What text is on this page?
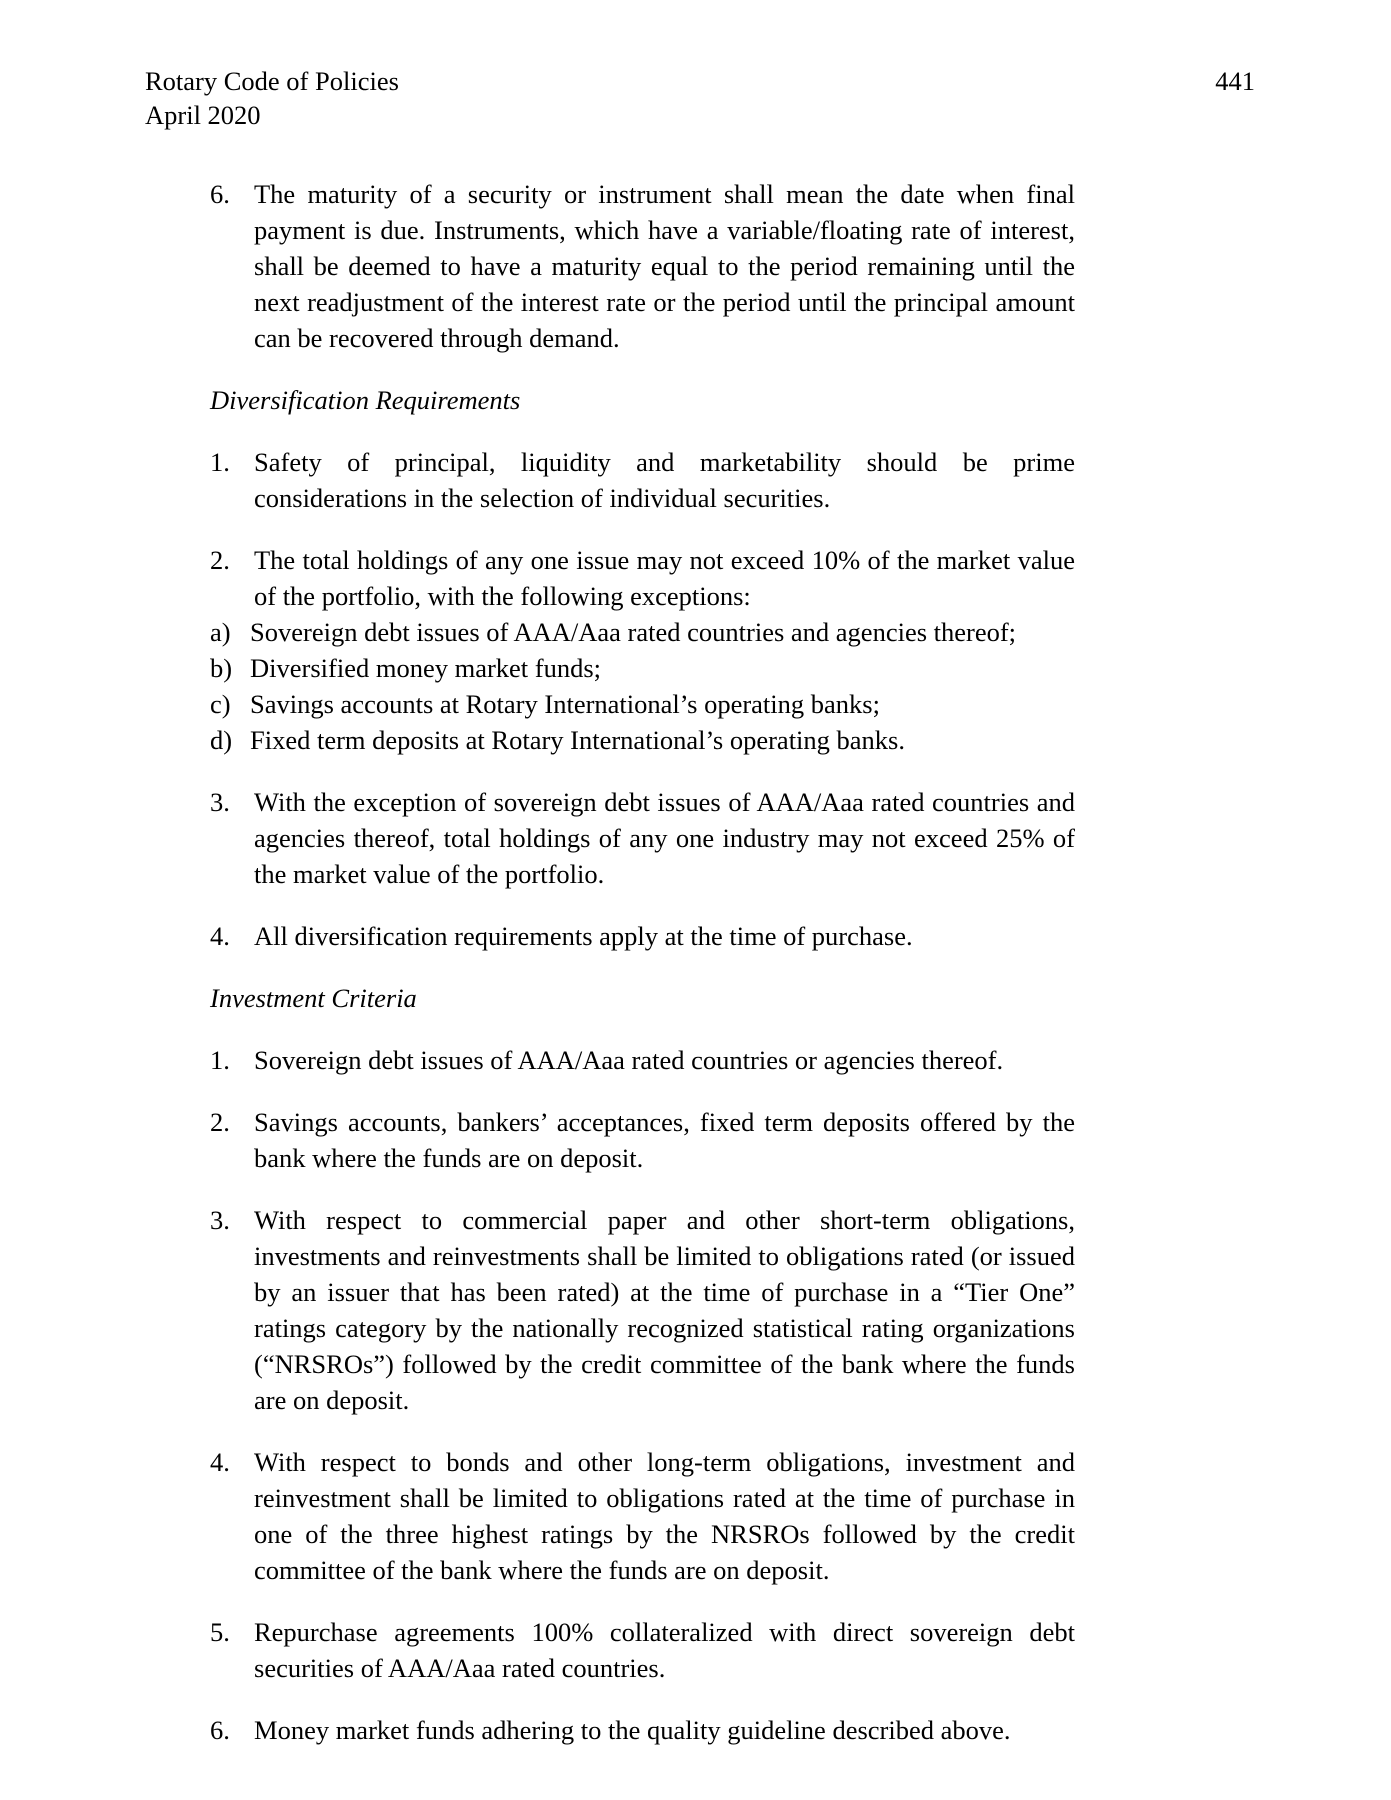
Rotary Code of Policies	441
April 2020
6. The maturity of a security or instrument shall mean the date when final payment is due. Instruments, which have a variable/floating rate of interest, shall be deemed to have a maturity equal to the period remaining until the next readjustment of the interest rate or the period until the principal amount can be recovered through demand.
Diversification Requirements
1. Safety of principal, liquidity and marketability should be prime considerations in the selection of individual securities.
2. The total holdings of any one issue may not exceed 10% of the market value of the portfolio, with the following exceptions:
a) Sovereign debt issues of AAA/Aaa rated countries and agencies thereof;
b) Diversified money market funds;
c) Savings accounts at Rotary International’s operating banks;
d) Fixed term deposits at Rotary International’s operating banks.
3. With the exception of sovereign debt issues of AAA/Aaa rated countries and agencies thereof, total holdings of any one industry may not exceed 25% of the market value of the portfolio.
4. All diversification requirements apply at the time of purchase.
Investment Criteria
1. Sovereign debt issues of AAA/Aaa rated countries or agencies thereof.
2. Savings accounts, bankers’ acceptances, fixed term deposits offered by the bank where the funds are on deposit.
3. With respect to commercial paper and other short-term obligations, investments and reinvestments shall be limited to obligations rated (or issued by an issuer that has been rated) at the time of purchase in a “Tier One” ratings category by the nationally recognized statistical rating organizations (“NRSROs”) followed by the credit committee of the bank where the funds are on deposit.
4. With respect to bonds and other long-term obligations, investment and reinvestment shall be limited to obligations rated at the time of purchase in one of the three highest ratings by the NRSROs followed by the credit committee of the bank where the funds are on deposit.
5. Repurchase agreements 100% collateralized with direct sovereign debt securities of AAA/Aaa rated countries.
6. Money market funds adhering to the quality guideline described above.
